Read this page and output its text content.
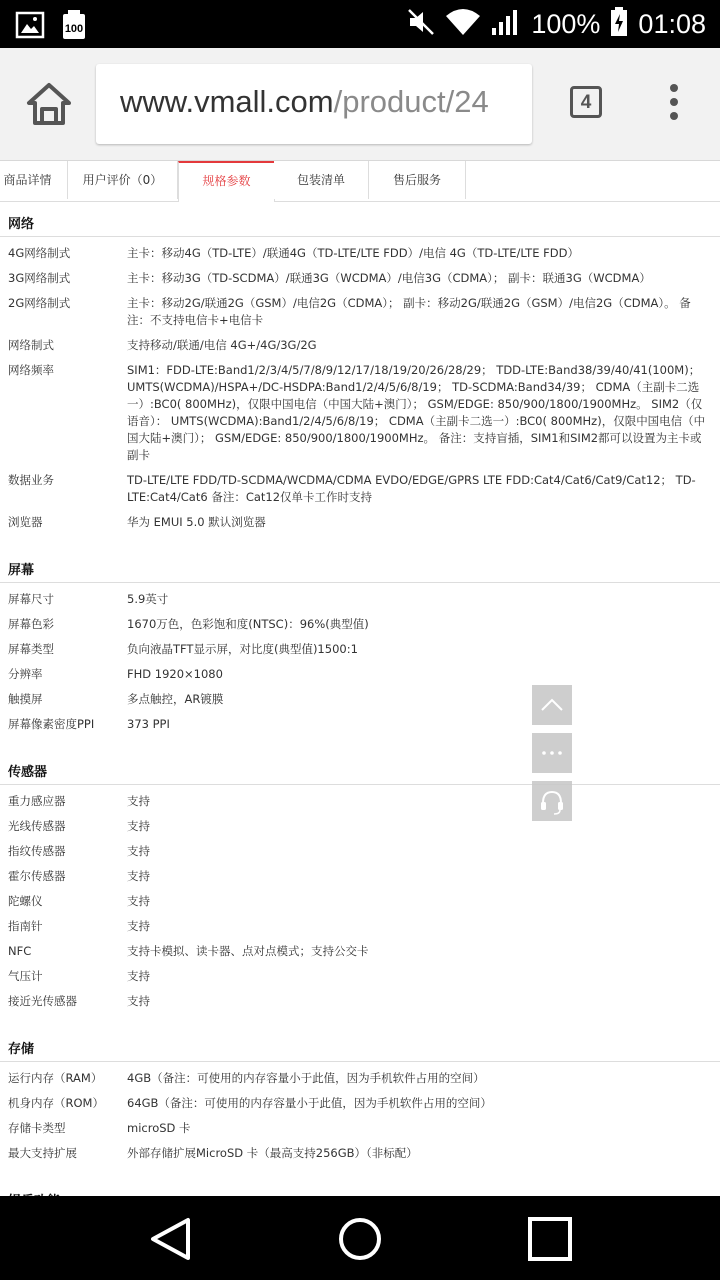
100	100% 01:08
www.vmall.com/product/24	4
商品详情	用户评价（0）	规格参数	包装清单	售后服务
网络
4G网络制式	主卡：移动4G（TD-LTE）/联通4G（TD-LTE/LTE FDD）/电信 4G（TD-LTE/LTE FDD）
3G网络制式	主卡：移动3G（TD-SCDMA）/联通3G（WCDMA）/电信3G（CDMA）； 副卡：联通3G（WCDMA）
2G网络制式	主卡：移动2G/联通2G（GSM）/电信2G（CDMA）； 副卡：移动2G/联通2G（GSM）/电信2G（CDMA）。 备注：不支持电信卡+电信卡
网络制式	支持移动/联通/电信 4G+/4G/3G/2G
网络频率	SIM1：FDD-LTE:Band1/2/3/4/5/7/8/9/12/17/18/19/20/26/28/29； TDD-LTE:Band38/39/40/41(100M)； UMTS(WCDMA)/HSPA+/DC-HSDPA:Band1/2/4/5/6/8/19； TD-SCDMA:Band34/39； CDMA（主副卡二选一）:BC0( 800MHz)，仅限中国电信（中国大陆+澳门）； GSM/EDGE: 850/900/1800/1900MHz。 SIM2（仅语音）： UMTS(WCDMA):Band1/2/4/5/6/8/19； CDMA（主副卡二选一）:BC0( 800MHz)，仅限中国电信（中国大陆+澳门）； GSM/EDGE: 850/900/1800/1900MHz。 备注：支持盲插，SIM1和SIM2都可以设置为主卡或副卡
数据业务	TD-LTE/LTE FDD/TD-SCDMA/WCDMA/CDMA EVDO/EDGE/GPRS LTE FDD:Cat4/Cat6/Cat9/Cat12； TD-LTE:Cat4/Cat6 备注：Cat12仅单卡工作时支持
浏览器	华为 EMUI 5.0 默认浏览器
屏幕
屏幕尺寸	5.9英寸
屏幕色彩	1670万色，色彩饱和度(NTSC)：96%(典型值)
屏幕类型	负向液晶TFT显示屏，对比度(典型值)1500:1
分辨率	FHD 1920×1080
触摸屏	多点触控，AR镀膜
屏幕像素密度PPI	373 PPI
传感器
重力感应器	支持
光线传感器	支持
指纹传感器	支持
霍尔传感器	支持
陀螺仪	支持
指南针	支持
NFC	支持卡模拟、读卡器、点对点模式；支持公交卡
气压计	支持
接近光传感器	支持
存储
运行内存（RAM）	4GB（备注：可使用的内存容量小于此值，因为手机软件占用的空间）
机身内存（ROM）	64GB（备注：可使用的内存容量小于此值，因为手机软件占用的空间）
存储卡类型	microSD 卡
最大支持扩展	外部存储扩展MicroSD 卡（最高支持256GB）（非标配）
